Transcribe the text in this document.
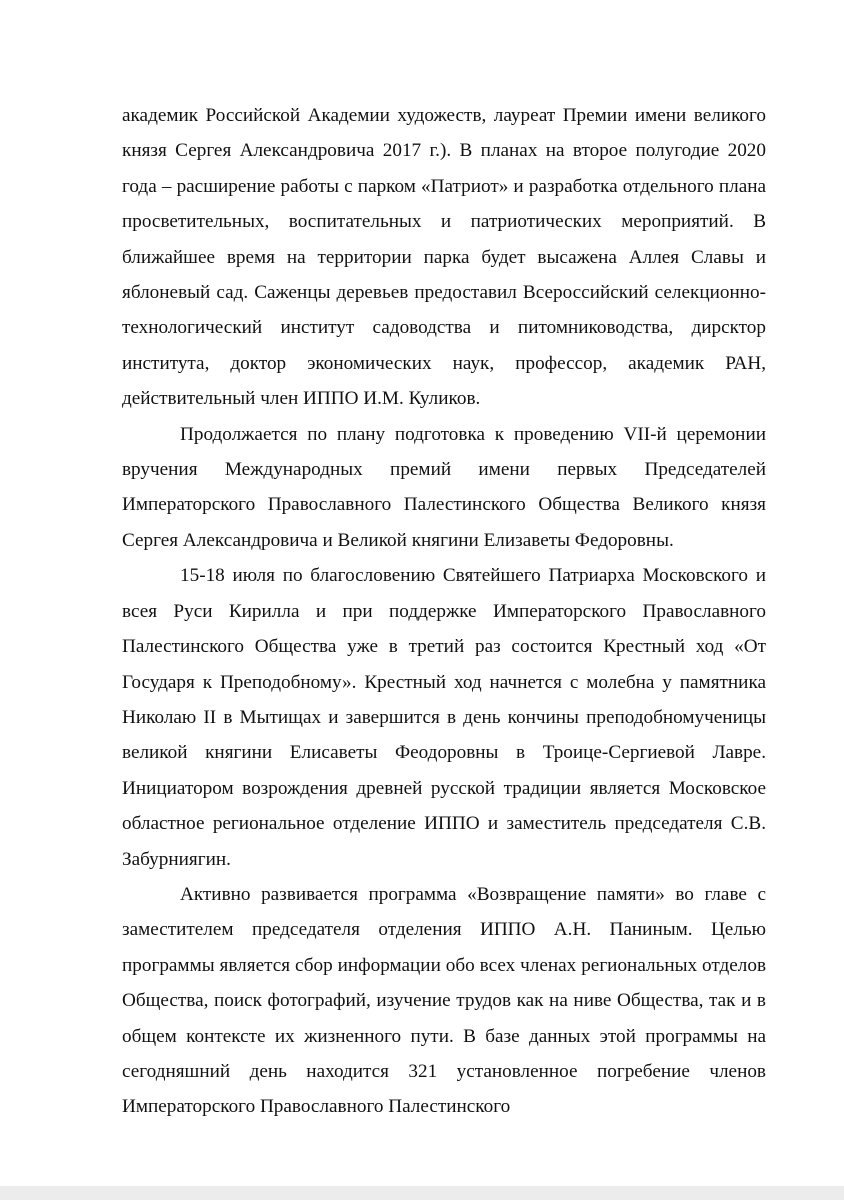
академик Российской Академии художеств, лауреат Премии имени великого князя Сергея Александровича 2017 г.). В планах на второе полугодие 2020 года – расширение работы с парком «Патриот» и разработка отдельного плана просветительных, воспитательных и патриотических мероприятий. В ближайшее время на территории парка будет высажена Аллея Славы и яблоневый сад. Саженцы деревьев предоставил Всероссийский селекционно-технологический институт садоводства и питомниководства, дирсктор института, доктор экономических наук, профессор, академик РАН, действительный член ИППО И.М. Куликов.

Продолжается по плану подготовка к проведению VII-й церемонии вручения Международных премий имени первых Председателей Императорского Православного Палестинского Общества Великого князя Сергея Александровича и Великой княгини Елизаветы Федоровны.

15-18 июля по благословению Святейшего Патриарха Московского и всея Руси Кирилла и при поддержке Императорского Православного Палестинского Общества уже в третий раз состоится Крестный ход «От Государя к Преподобному». Крестный ход начнется с молебна у памятника Николаю II в Мытищах и завершится в день кончины преподобномученицы великой княгини Елисаветы Феодоровны в Троице-Сергиевой Лавре. Инициатором возрождения древней русской традиции является Московское областное региональное отделение ИППО и заместитель председателя С.В. Забурниягин.

Активно развивается программа «Возвращение памяти» во главе с заместителем председателя отделения ИППО А.Н. Паниным. Целью программы является сбор информации обо всех членах региональных отделов Общества, поиск фотографий, изучение трудов как на ниве Общества, так и в общем контексте их жизненного пути. В базе данных этой программы на сегодняшний день находится 321 установленное погребение членов Императорского Православного Палестинского
